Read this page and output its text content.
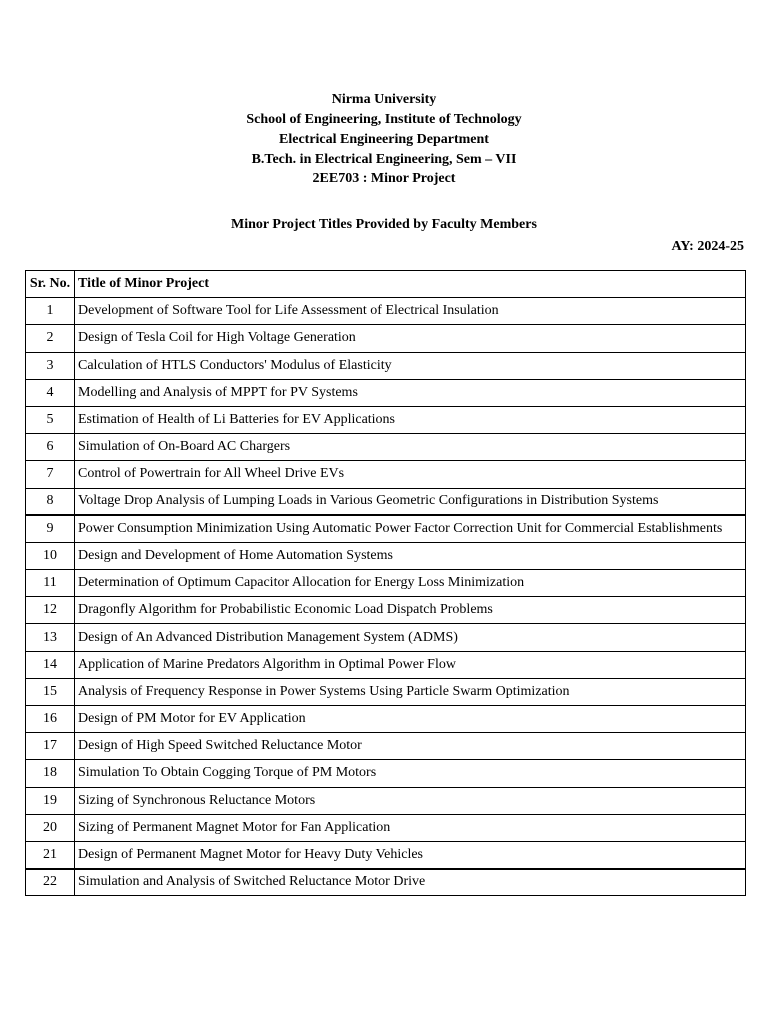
Nirma University
School of Engineering, Institute of Technology
Electrical Engineering Department
B.Tech. in Electrical Engineering, Sem – VII
2EE703 : Minor Project
Minor Project Titles Provided by Faculty Members
AY: 2024-25
Sr. No.	Title of Minor Project
1	Development of Software Tool for Life Assessment of Electrical Insulation
2	Design of Tesla Coil for High Voltage Generation
3	Calculation of HTLS Conductors' Modulus of Elasticity
4	Modelling and Analysis of MPPT for PV Systems
5	Estimation of Health of Li Batteries for EV Applications
6	Simulation of On-Board AC Chargers
7	Control of Powertrain for All Wheel Drive EVs
8	Voltage Drop Analysis of Lumping Loads in Various Geometric Configurations in Distribution Systems
9	Power Consumption Minimization Using Automatic Power Factor Correction Unit for Commercial Establishments
10	Design and Development of Home Automation Systems
11	Determination of Optimum Capacitor Allocation for Energy Loss Minimization
12	Dragonfly Algorithm for Probabilistic Economic Load Dispatch Problems
13	Design of An Advanced Distribution Management System (ADMS)
14	Application of Marine Predators Algorithm in Optimal Power Flow
15	Analysis of Frequency Response in Power Systems Using Particle Swarm Optimization
16	Design of PM Motor for EV Application
17	Design of High Speed Switched Reluctance Motor
18	Simulation To Obtain Cogging Torque of PM Motors
19	Sizing of Synchronous Reluctance Motors
20	Sizing of Permanent Magnet Motor for Fan Application
21	Design of Permanent Magnet Motor for Heavy Duty Vehicles
22	Simulation and Analysis of Switched Reluctance Motor Drive
